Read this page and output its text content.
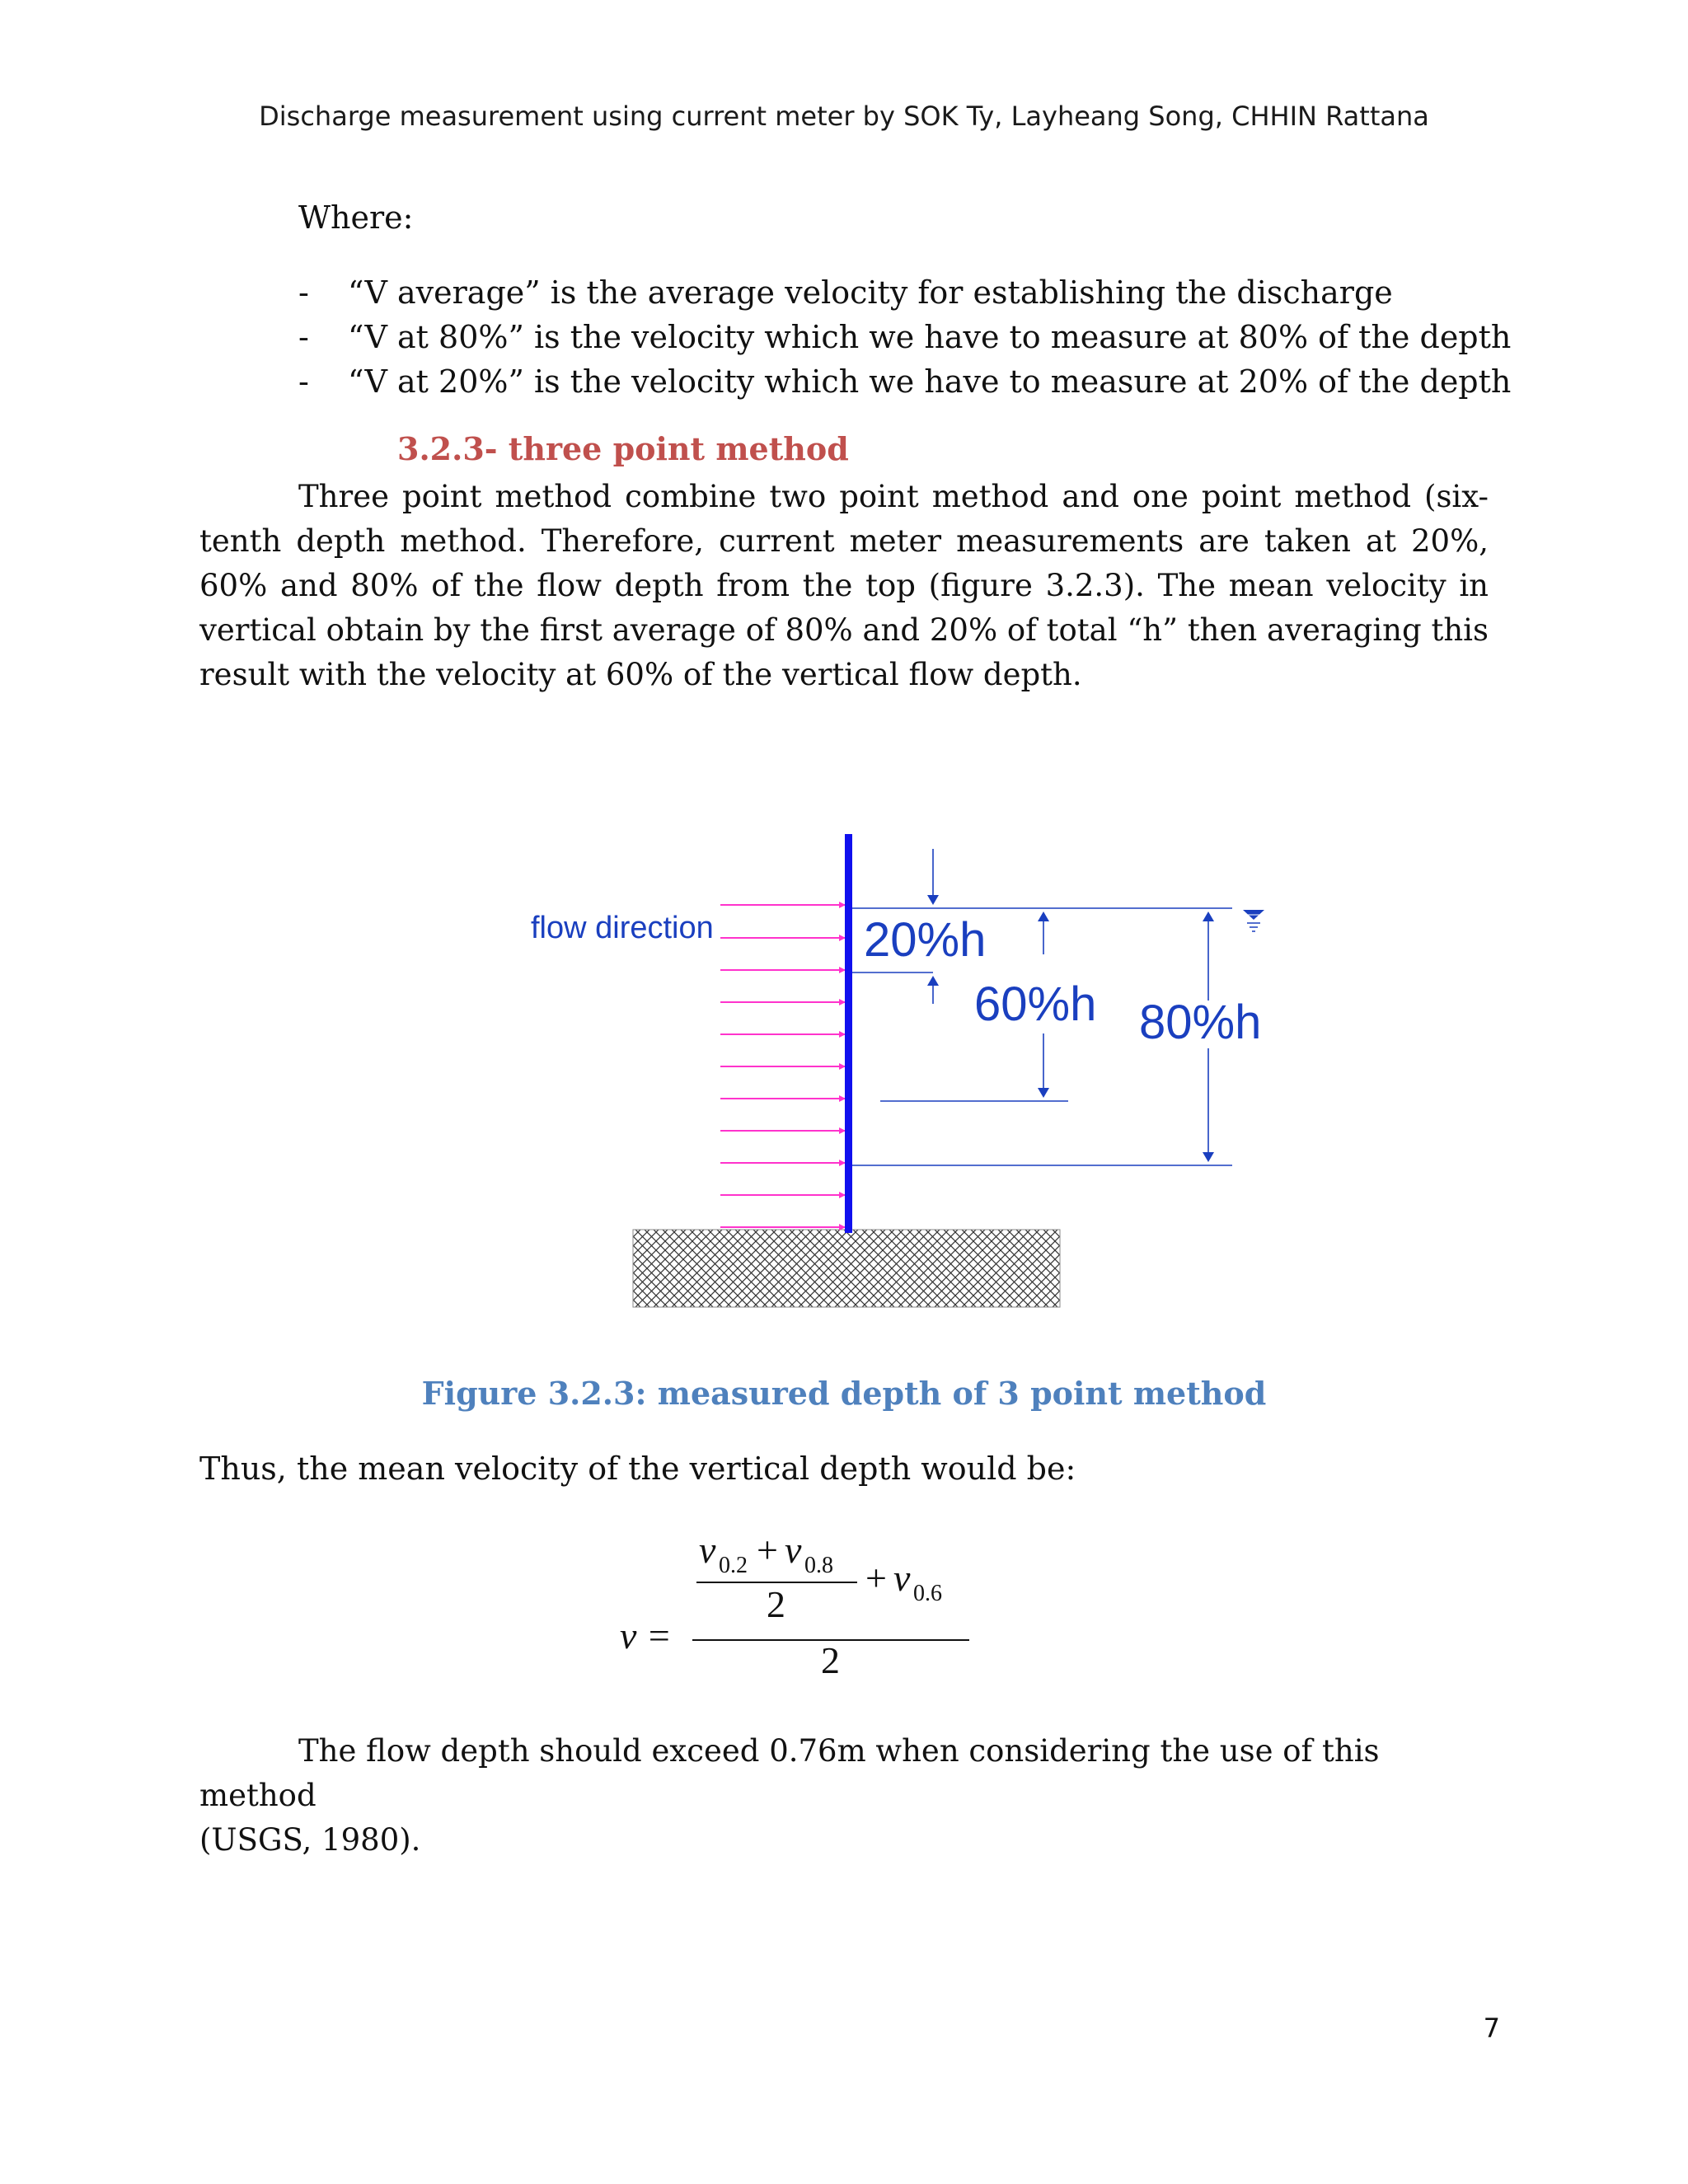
Discharge measurement using current meter by SOK Ty, Layheang Song, CHHIN Rattana
Where:
- “V average” is the average velocity for establishing the discharge
- “V at 80%” is the velocity which we have to measure at 80% of the depth
- “V at 20%” is the velocity which we have to measure at 20% of the depth
3.2.3- three point method

Three point method combine two point method and one point method (six-tenth depth method. Therefore, current meter measurements are taken at 20%, 60% and 80% of the flow depth from the top (figure 3.2.3). The mean velocity in vertical obtain by the first average of 80% and 20% of total “h” then averaging this result with the velocity at 60% of the vertical flow depth.

flow direction	20%h
60%h 80%h
Figure 3.2.3: measured depth of 3 point method
Thus, the mean velocity of the vertical depth would be:
v 0.2 + v 0.8
2
+ v 0.6
2
v =

The flow depth should exceed 0.76m when considering the use of this method
(USGS, 1980).

7
